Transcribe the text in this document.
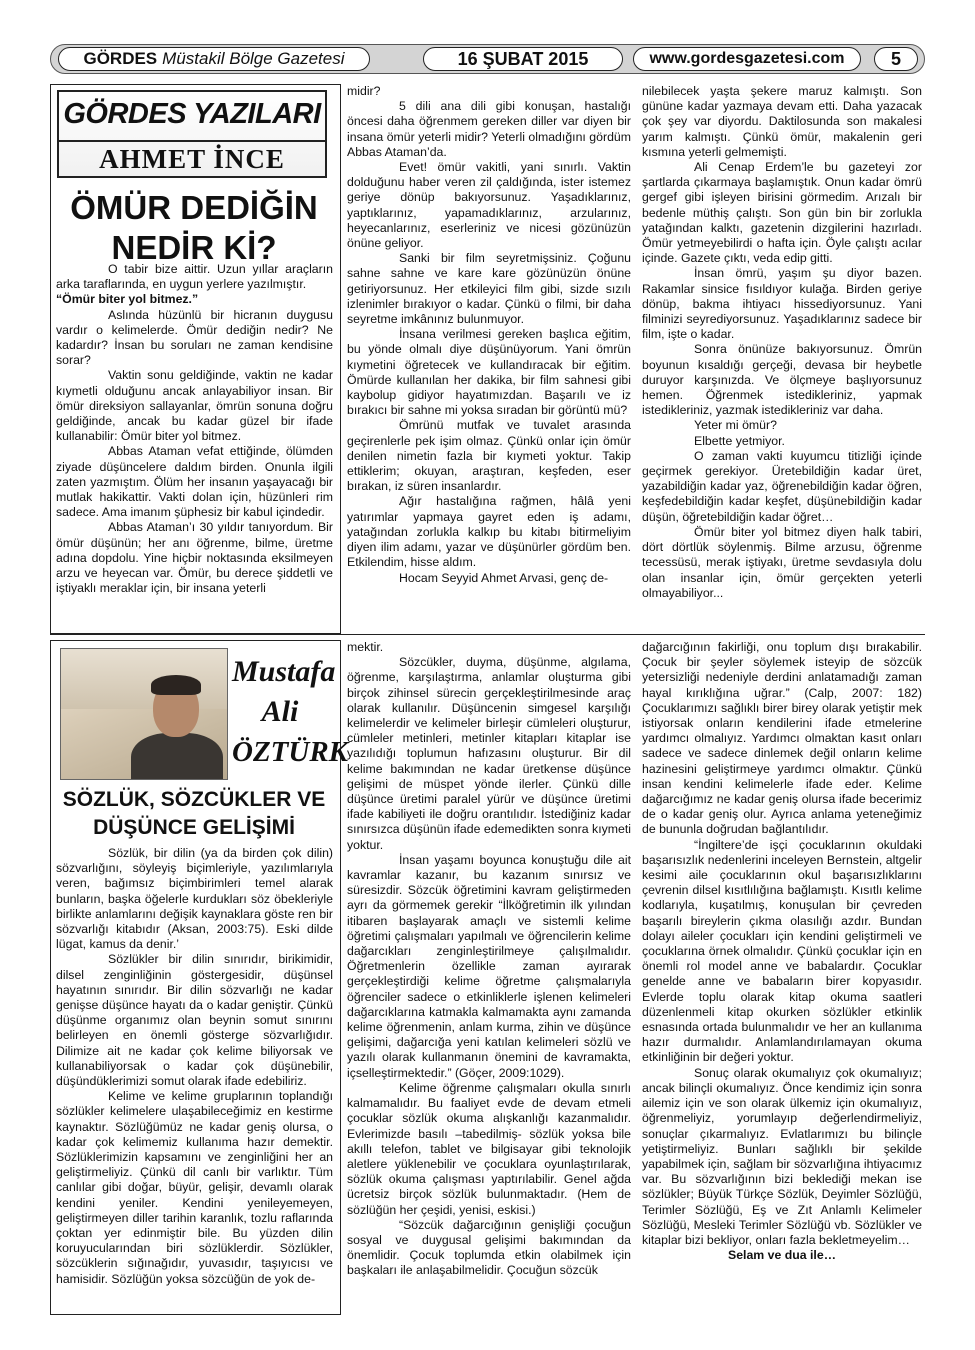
GÖRDES Müstakil Bölge Gazetesi	16 ŞUBAT 2015	www.gordesgazetesi.com	5
GÖRDES YAZILARI
AHMET İNCE
ÖMÜR DEDİĞİN NEDİR Kİ?

O tabir bize aittir. Uzun yıllar araçların arka taraflarında, en uygun yerlere yazılmıştır.

“Ömür biter yol bitmez.”

Aslında hüzünlü bir hicranın duygusu vardır o kelimelerde. Ömür dediğin nedir? Ne kadardır? İnsan bu soruları ne zaman kendisine sorar?

Vaktin sonu geldiğinde, vaktin ne kadar kıymetli olduğunu ancak anlayabiliyor insan. Bir ömür direksiyon sallayanlar, ömrün sonuna doğru geldiğinde, ancak bu kadar güzel bir ifade kullanabilir: Ömür biter yol bitmez.

Abbas Ataman vefat ettiğinde, ölümden ziyade düşüncelere daldım birden. Onunla ilgili zaten yazmıştım. Ölüm her insanın yaşayacağı bir mutlak hakikattir. Vakti dolan için, hüzünleri rim sadece. Ama imanım şüphesiz bir kabul içindedir.

Abbas Ataman’ı 30 yıldır tanıyordum. Bir ömür düşünün; her anı öğrenme, bilme, üretme adına dopdolu. Yine hiçbir noktasında eksilmeyen arzu ve heyecan var. Ömür, bu derece şiddetli ve iştiyaklı meraklar için, bir insana yeterli

midir?

5 dili ana dili gibi konuşan, hastalığı öncesi daha öğrenmem gereken diller var diyen bir insana ömür yeterli midir? Yeterli olmadığını gördüm Abbas Ataman’da.

Evet! ömür vakitli, yani sınırlı. Vaktin dolduğunu haber veren zil çaldığında, ister istemez geriye dönüp bakıyorsunuz. Yaşadıklarınız, yaptıklarınız, yapamadıklarınız, arzularınız, heyecanlarınız, eserleriniz ve nicesi gözünüzün önüne geliyor.

Sanki bir film seyretmişsiniz. Çoğunu sahne sahne ve kare kare gözünüzün önüne getiriyorsunuz. Her etkileyici film gibi, sizde sızılı izlenimler bırakıyor o kadar. Çünkü o filmi, bir daha seyretme imkânınız bulunmuyor.

İnsana verilmesi gereken başlıca eğitim, bu yönde olmalı diye düşünüyorum. Yani ömrün kıymetini öğretecek ve kullandıracak bir eğitim. Ömürde kullanılan her dakika, bir film sahnesi gibi kaybolup gidiyor hayatımızdan. Başarılı ve iz bırakıcı bir sahne mi yoksa sıradan bir görüntü mü?

Ömrünü mutfak ve tuvalet arasında geçirenlerle pek işim olmaz. Çünkü onlar için ömür denilen nimetin fazla bir kıymeti yoktur. Takip ettiklerim; okuyan, araştıran, keşfeden, eser bırakan, iz süren insanlardır.

Ağır hastalığına rağmen, hâlâ yeni yatırımlar yapmaya gayret eden iş adamı, yatağından zorlukla kalkıp bu kitabı bitirmeliyim diyen ilim adamı, yazar ve düşünürler gördüm ben. Etkilendim, hisse aldım.

Hocam Seyyid Ahmet Arvasi, genç de-

nilebilecek yaşta şekere maruz kalmıştı. Son gününe kadar yazmaya devam etti. Daha yazacak çok şey var diyordu. Daktilosunda son makalesi yarım kalmıştı. Çünkü ömür, makalenin geri kısmına yeterli gelmemişti.

Ali Cenap Erdem’le bu gazeteyi zor şartlarda çıkarmaya başlamıştık. Onun kadar ömrü gergef gibi işleyen birisini görmedim. Arızalı bir bedenle müthiş çalıştı. Son gün bin bir zorlukla yatağından kalktı, gazetenin dizgilerini hazırladı. Ömür yetmeyebilirdi o hafta için. Öyle çalıştı acılar içinde. Gazete çıktı, veda edip gitti.

İnsan ömrü, yaşım şu diyor bazen. Rakamlar sinsice fısıldıyor kulağa. Birden geriye dönüp, bakma ihtiyacı hissediyorsunuz. Yani filminizi seyrediyorsunuz. Yaşadıklarınız sadece bir film, işte o kadar.

Sonra önünüze bakıyorsunuz. Ömrün boyunun kısaldığı gerçeği, devasa bir heybetle duruyor karşınızda. Ve ölçmeye başlıyorsunuz hemen. Öğrenmek istedikleriniz, yapmak istedikleriniz, yazmak istedikleriniz var daha.

Yeter mi ömür?

Elbette yetmiyor.

O zaman vakti kuyumcu titizliği içinde geçirmek gerekiyor. Üretebildiğin kadar üret, yazabildiğin kadar yaz, öğrenebildiğin kadar öğren, keşfedebildiğin kadar keşfet, düşünebildiğin kadar düşün, öğretebildiğin kadar öğret…

Ömür biter yol bitmez diyen halk tabiri, dört dörtlük söylenmiş. Bilme arzusu, öğrenme tecessüsü, merak iştiyakı, üretme sevdasıyla dolu olan insanlar için, ömür gerçekten yeterli olmayabiliyor...

Mustafa
Ali
ÖZTÜRK
SÖZLÜK, SÖZCÜKLER VE DÜŞÜNCE GELİŞİMİ

Sözlük, bir dilin (ya da birden çok dilin) sözvarlığını, söyleyiş biçimleriyle, yazılımlarıyla veren, bağımsız biçimbirimleri temel alarak bunların, başka öğelerle kurdukları söz öbekleriyle birlikte anlamlarını değişik kaynaklara göste ren bir sözvarlığı kitabıdır (Aksan, 2003:75). Eski dilde lügat, kamus da denir.’

Sözlükler bir dilin sınırıdır, birikimidir, dilsel zenginliğinin göstergesidir, düşünsel hayatının sınırıdır. Bir dilin sözvarlığı ne kadar genişse düşünce hayatı da o kadar geniştir. Çünkü düşünme organımız olan beynin somut sınırını belirleyen en önemli gösterge sözvarlığıdır. Dilimize ait ne kadar çok kelime biliyorsak ve kullanabiliyorsak o kadar çok düşünebilir, düşündüklerimizi somut olarak ifade edebiliriz.

Kelime ve kelime gruplarının toplandığı sözlükler kelimelere ulaşabileceğimiz en kestirme kaynaktır. Sözlüğümüz ne kadar geniş olursa, o kadar çok kelimemiz kullanıma hazır demektir. Sözlüklerimizin kapsamını ve zenginliğini her an geliştirmeliyiz. Çünkü dil canlı bir varlıktır. Tüm canlılar gibi doğar, büyür, gelişir, devamlı olarak kendini yeniler. Kendini yenileyemeyen, geliştirmeyen diller tarihin karanlık, tozlu raflarında çoktan yer edinmiştir bile. Bu yüzden dilin koruyucularından biri sözlüklerdir. Sözlükler, sözcüklerin sığınağıdır, yuvasıdır, taşıyıcısı ve hamisidir. Sözlüğün yoksa sözcüğün de yok de-

mektir.

Sözcükler, duyma, düşünme, algılama, öğrenme, karşılaştırma, anlamlar oluşturma gibi birçok zihinsel sürecin gerçekleştirilmesinde araç olarak kullanılır. Düşüncenin simgesel karşılığı kelimelerdir ve kelimeler birleşir cümleleri oluşturur, cümleler metinleri, metinler kitapları kitaplar ise yazılıdığı toplumun hafızasını oluşturur. Bir dil kelime bakımından ne kadar üretkense düşünce gelişimi de müspet yönde ilerler. Çünkü dille düşünce üretimi paralel yürür ve düşünce üretimi ifade kabiliyeti ile doğru orantılıdır. İstediğiniz kadar sınırsızca düşünün ifade edemedikten sonra kıymeti yoktur.

İnsan yaşamı boyunca konuştuğu dile ait kavramlar kazanır, bu kazanım sınırsız ve süresizdir. Sözcük öğretimini kavram geliştirmeden ayrı da görmemek gerekir “İlköğretimin ilk yılından itibaren başlayarak amaçlı ve sistemli kelime öğretimi çalışmaları yapılmalı ve öğrencilerin kelime dağarcıkları zenginleştirilmeye çalışılmalıdır. Öğretmenlerin özellikle zaman ayırarak gerçekleştirdiği kelime öğretme çalışmalarıyla öğrenciler sadece o etkinliklerle işlenen kelimeleri dağarcıklarına katmakla kalmamakta aynı zamanda kelime öğrenmenin, anlam kurma, zihin ve düşünce gelişimi, dağarcığa yeni katılan kelimeleri sözlü ve yazılı olarak kullanmanın önemini de kavramakta, içselleştirmektedir.” (Göçer, 2009:1029).

Kelime öğrenme çalışmaları okulla sınırlı kalmamalıdır. Bu faaliyet evde de devam etmeli çocuklar sözlük okuma alışkanlığı kazanmalıdır. Evlerimizde basılı –tabedilmiş- sözlük yoksa bile akıllı telefon, tablet ve bilgisayar gibi teknolojik aletlere yüklenebilir ve çocuklara oyunlaştırılarak, sözlük okuma çalışması yaptırılabilir. Genel ağda ücretsiz birçok sözlük bulunmaktadır. (Hem de sözlüğün her çeşidi, yenisi, eskisi.)

“Sözcük dağarcığının genişliği çocuğun sosyal ve duygusal gelişimi bakımından da önemlidir. Çocuk toplumda etkin olabilmek için başkaları ile anlaşabilmelidir. Çocuğun sözcük

dağarcığının fakirliği, onu toplum dışı bırakabilir. Çocuk bir şeyler söylemek isteyip de sözcük yetersizliği nedeniyle derdini anlatamadığı zaman hayal kırıklığına uğrar.” (Calp, 2007: 182) Çocuklarımızı sağlıklı birer birey olarak yetiştir mek istiyorsak onların kendilerini ifade etmelerine yardımcı olmalıyız. Yardımcı olmaktan kasıt onları sadece ve sadece dinlemek değil onların kelime hazinesini geliştirmeye yardımcı olmaktır. Çünkü insan kendini kelimelerle ifade eder. Kelime dağarcığımız ne kadar geniş olursa ifade becerimiz de o kadar geniş olur. Ayrıca anlama yeteneğimiz de bununla doğrudan bağlantılıdır.

“İngiltere’de işçi çocuklarının okuldaki başarısızlık nedenlerini inceleyen Bernstein, altgelir kesimi aile çocuklarının okul başarısızlıklarını çevrenin dilsel kısıtlılığına bağlamıştı. Kısıtlı kelime kodlarıyla, kuşatılmış, konuşulan bir çevreden başarılı bireylerin çıkma olasılığı azdır. Bundan dolayı aileler çocukları için kendini geliştirmeli ve çocuklarına örnek olmalıdır. Çünkü çocuklar için en önemli rol model anne ve babalardır. Çocuklar genelde anne ve babaların birer kopyasıdır. Evlerde toplu olarak kitap okuma saatleri düzenlenmeli kitap okurken sözlükler etkinlik esnasında ortada bulunmalıdır ve her an kullanıma hazır durmalıdır. Anlamlandırılamayan okuma etkinliğinin bir değeri yoktur.

Sonuç olarak okumalıyız çok okumalıyız; ancak bilinçli okumalıyız. Önce kendimiz için sonra ailemiz için ve son olarak ülkemiz için okumalıyız, öğrenmeliyiz, yorumlayıp değerlendirmeliyiz, sonuçlar çıkarmalıyız. Evlatlarımızı bu bilinçle yetiştirmeliyiz. Bunları sağlıklı bir şekilde yapabilmek için, sağlam bir sözvarlığına ihtiyacımız var. Bu sözvarlığının bizi beklediği mekan ise sözlükler; Büyük Türkçe Sözlük, Deyimler Sözlüğü, Terimler Sözlüğü, Eş ve Zıt Anlamlı Kelimeler Sözlüğü, Mesleki Terimler Sözlüğü vb. Sözlükler ve kitaplar bizi bekliyor, onları fazla bekletmeyelim…

Selam ve dua ile…
